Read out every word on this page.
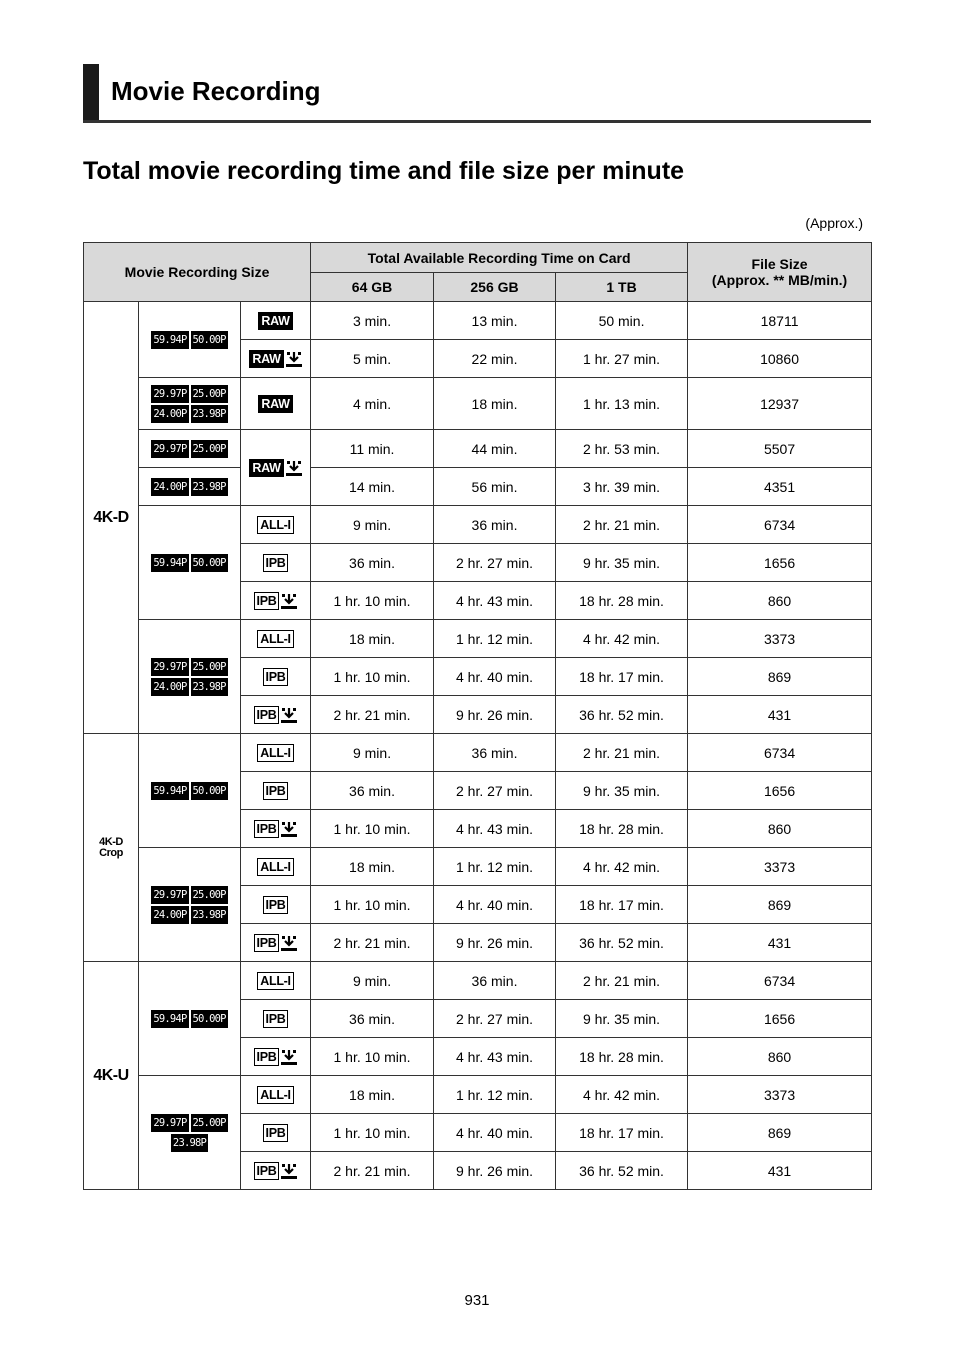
Movie Recording
Total movie recording time and file size per minute
(Approx.)
Movie Recording Size			Total Available Recording Time on Card			File Size
(Approx. ** MB/min.)
			64 GB	256 GB	1 TB	
4K-D	59.94P 50.00P	RAW	3 min.	13 min.	50 min.	18711

		RAW	5 min.	22 min.	1 hr. 27 min.	10860

	29.97P 25.00P
24.00P 23.98P	RAW	4 min.	18 min.	1 hr. 13 min.	12937

	29.97P 25.00P	RAW	11 min.	44 min.	2 hr. 53 min.	5507

	24.00P 23.98P		14 min.	56 min.	3 hr. 39 min.	4351

	59.94P 50.00P	ALL-I	9 min.	36 min.	2 hr. 21 min.	6734

		IPB	36 min.	2 hr. 27 min.	9 hr. 35 min.	1656

		IPB	1 hr. 10 min.	4 hr. 43 min.	18 hr. 28 min.	860

	29.97P 25.00P
24.00P 23.98P	ALL-I	18 min.	1 hr. 12 min.	4 hr. 42 min.	3373

		IPB	1 hr. 10 min.	4 hr. 40 min.	18 hr. 17 min.	869

		IPB	2 hr. 21 min.	9 hr. 26 min.	36 hr. 52 min.	431
4K-D
Crop	59.94P 50.00P	ALL-I	9 min.	36 min.	2 hr. 21 min.	6734

		IPB	36 min.	2 hr. 27 min.	9 hr. 35 min.	1656

		IPB	1 hr. 10 min.	4 hr. 43 min.	18 hr. 28 min.	860

	29.97P 25.00P
24.00P 23.98P	ALL-I	18 min.	1 hr. 12 min.	4 hr. 42 min.	3373

		IPB	1 hr. 10 min.	4 hr. 40 min.	18 hr. 17 min.	869

		IPB	2 hr. 21 min.	9 hr. 26 min.	36 hr. 52 min.	431
4K-U	59.94P 50.00P	ALL-I	9 min.	36 min.	2 hr. 21 min.	6734

		IPB	36 min.	2 hr. 27 min.	9 hr. 35 min.	1656

		IPB	1 hr. 10 min.	4 hr. 43 min.	18 hr. 28 min.	860

	29.97P 25.00P
23.98P	ALL-I	18 min.	1 hr. 12 min.	4 hr. 42 min.	3373

		IPB	1 hr. 10 min.	4 hr. 40 min.	18 hr. 17 min.	869

		IPB	2 hr. 21 min.	9 hr. 26 min.	36 hr. 52 min.	431
931
